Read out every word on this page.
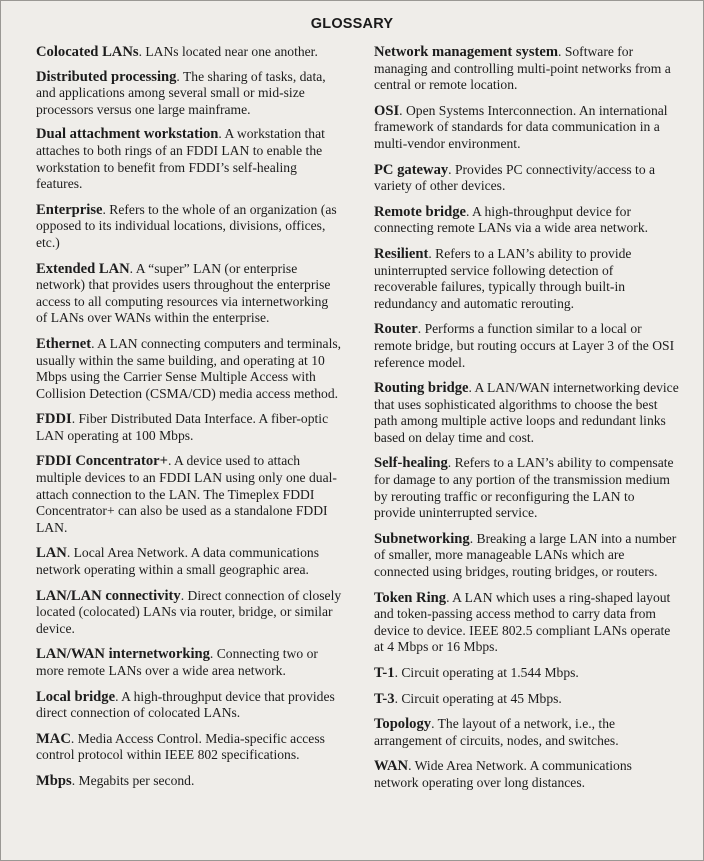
GLOSSARY

Colocated LANs. LANs located near one another.

Distributed processing. The sharing of tasks, data, and applications among several small or mid-size processors versus one large mainframe.

Dual attachment workstation. A workstation that attaches to both rings of an FDDI LAN to enable the workstation to benefit from FDDI’s self-healing features.

Enterprise. Refers to the whole of an organization (as opposed to its individual locations, divisions, offices, etc.)

Extended LAN. A “super” LAN (or enterprise network) that provides users throughout the enterprise access to all computing resources via internetworking of LANs over WANs within the enterprise.

Ethernet. A LAN connecting computers and terminals, usually within the same building, and operating at 10 Mbps using the Carrier Sense Multiple Access with Collision Detection (CSMA/CD) media access method.

FDDI. Fiber Distributed Data Interface. A fiber-optic LAN operating at 100 Mbps.

FDDI Concentrator+. A device used to attach multiple devices to an FDDI LAN using only one dual-attach connection to the LAN. The Timeplex FDDI Concentrator+ can also be used as a standalone FDDI LAN.

LAN. Local Area Network. A data communications network operating within a small geographic area.

LAN/LAN connectivity. Direct connection of closely located (colocated) LANs via router, bridge, or similar device.

LAN/WAN internetworking. Connecting two or more remote LANs over a wide area network.

Local bridge. A high-throughput device that provides direct connection of colocated LANs.

MAC. Media Access Control. Media-specific access control protocol within IEEE 802 specifications.

Mbps. Megabits per second.

Network management system. Software for managing and controlling multi-point networks from a central or remote location.

OSI. Open Systems Interconnection. An international framework of standards for data communication in a multi-vendor environment.

PC gateway. Provides PC connectivity/access to a variety of other devices.

Remote bridge. A high-throughput device for connecting remote LANs via a wide area network.

Resilient. Refers to a LAN’s ability to provide uninterrupted service following detection of recoverable failures, typically through built-in redundancy and automatic rerouting.

Router. Performs a function similar to a local or remote bridge, but routing occurs at Layer 3 of the OSI reference model.

Routing bridge. A LAN/WAN internetworking device that uses sophisticated algorithms to choose the best path among multiple active loops and redundant links based on delay time and cost.

Self-healing. Refers to a LAN’s ability to compensate for damage to any portion of the transmission medium by rerouting traffic or reconfiguring the LAN to provide uninterrupted service.

Subnetworking. Breaking a large LAN into a number of smaller, more manageable LANs which are connected using bridges, routing bridges, or routers.

Token Ring. A LAN which uses a ring-shaped layout and token-passing access method to carry data from device to device. IEEE 802.5 compliant LANs operate at 4 Mbps or 16 Mbps.

T-1. Circuit operating at 1.544 Mbps.

T-3. Circuit operating at 45 Mbps.

Topology. The layout of a network, i.e., the arrangement of circuits, nodes, and switches.

WAN. Wide Area Network. A communications network operating over long distances.
